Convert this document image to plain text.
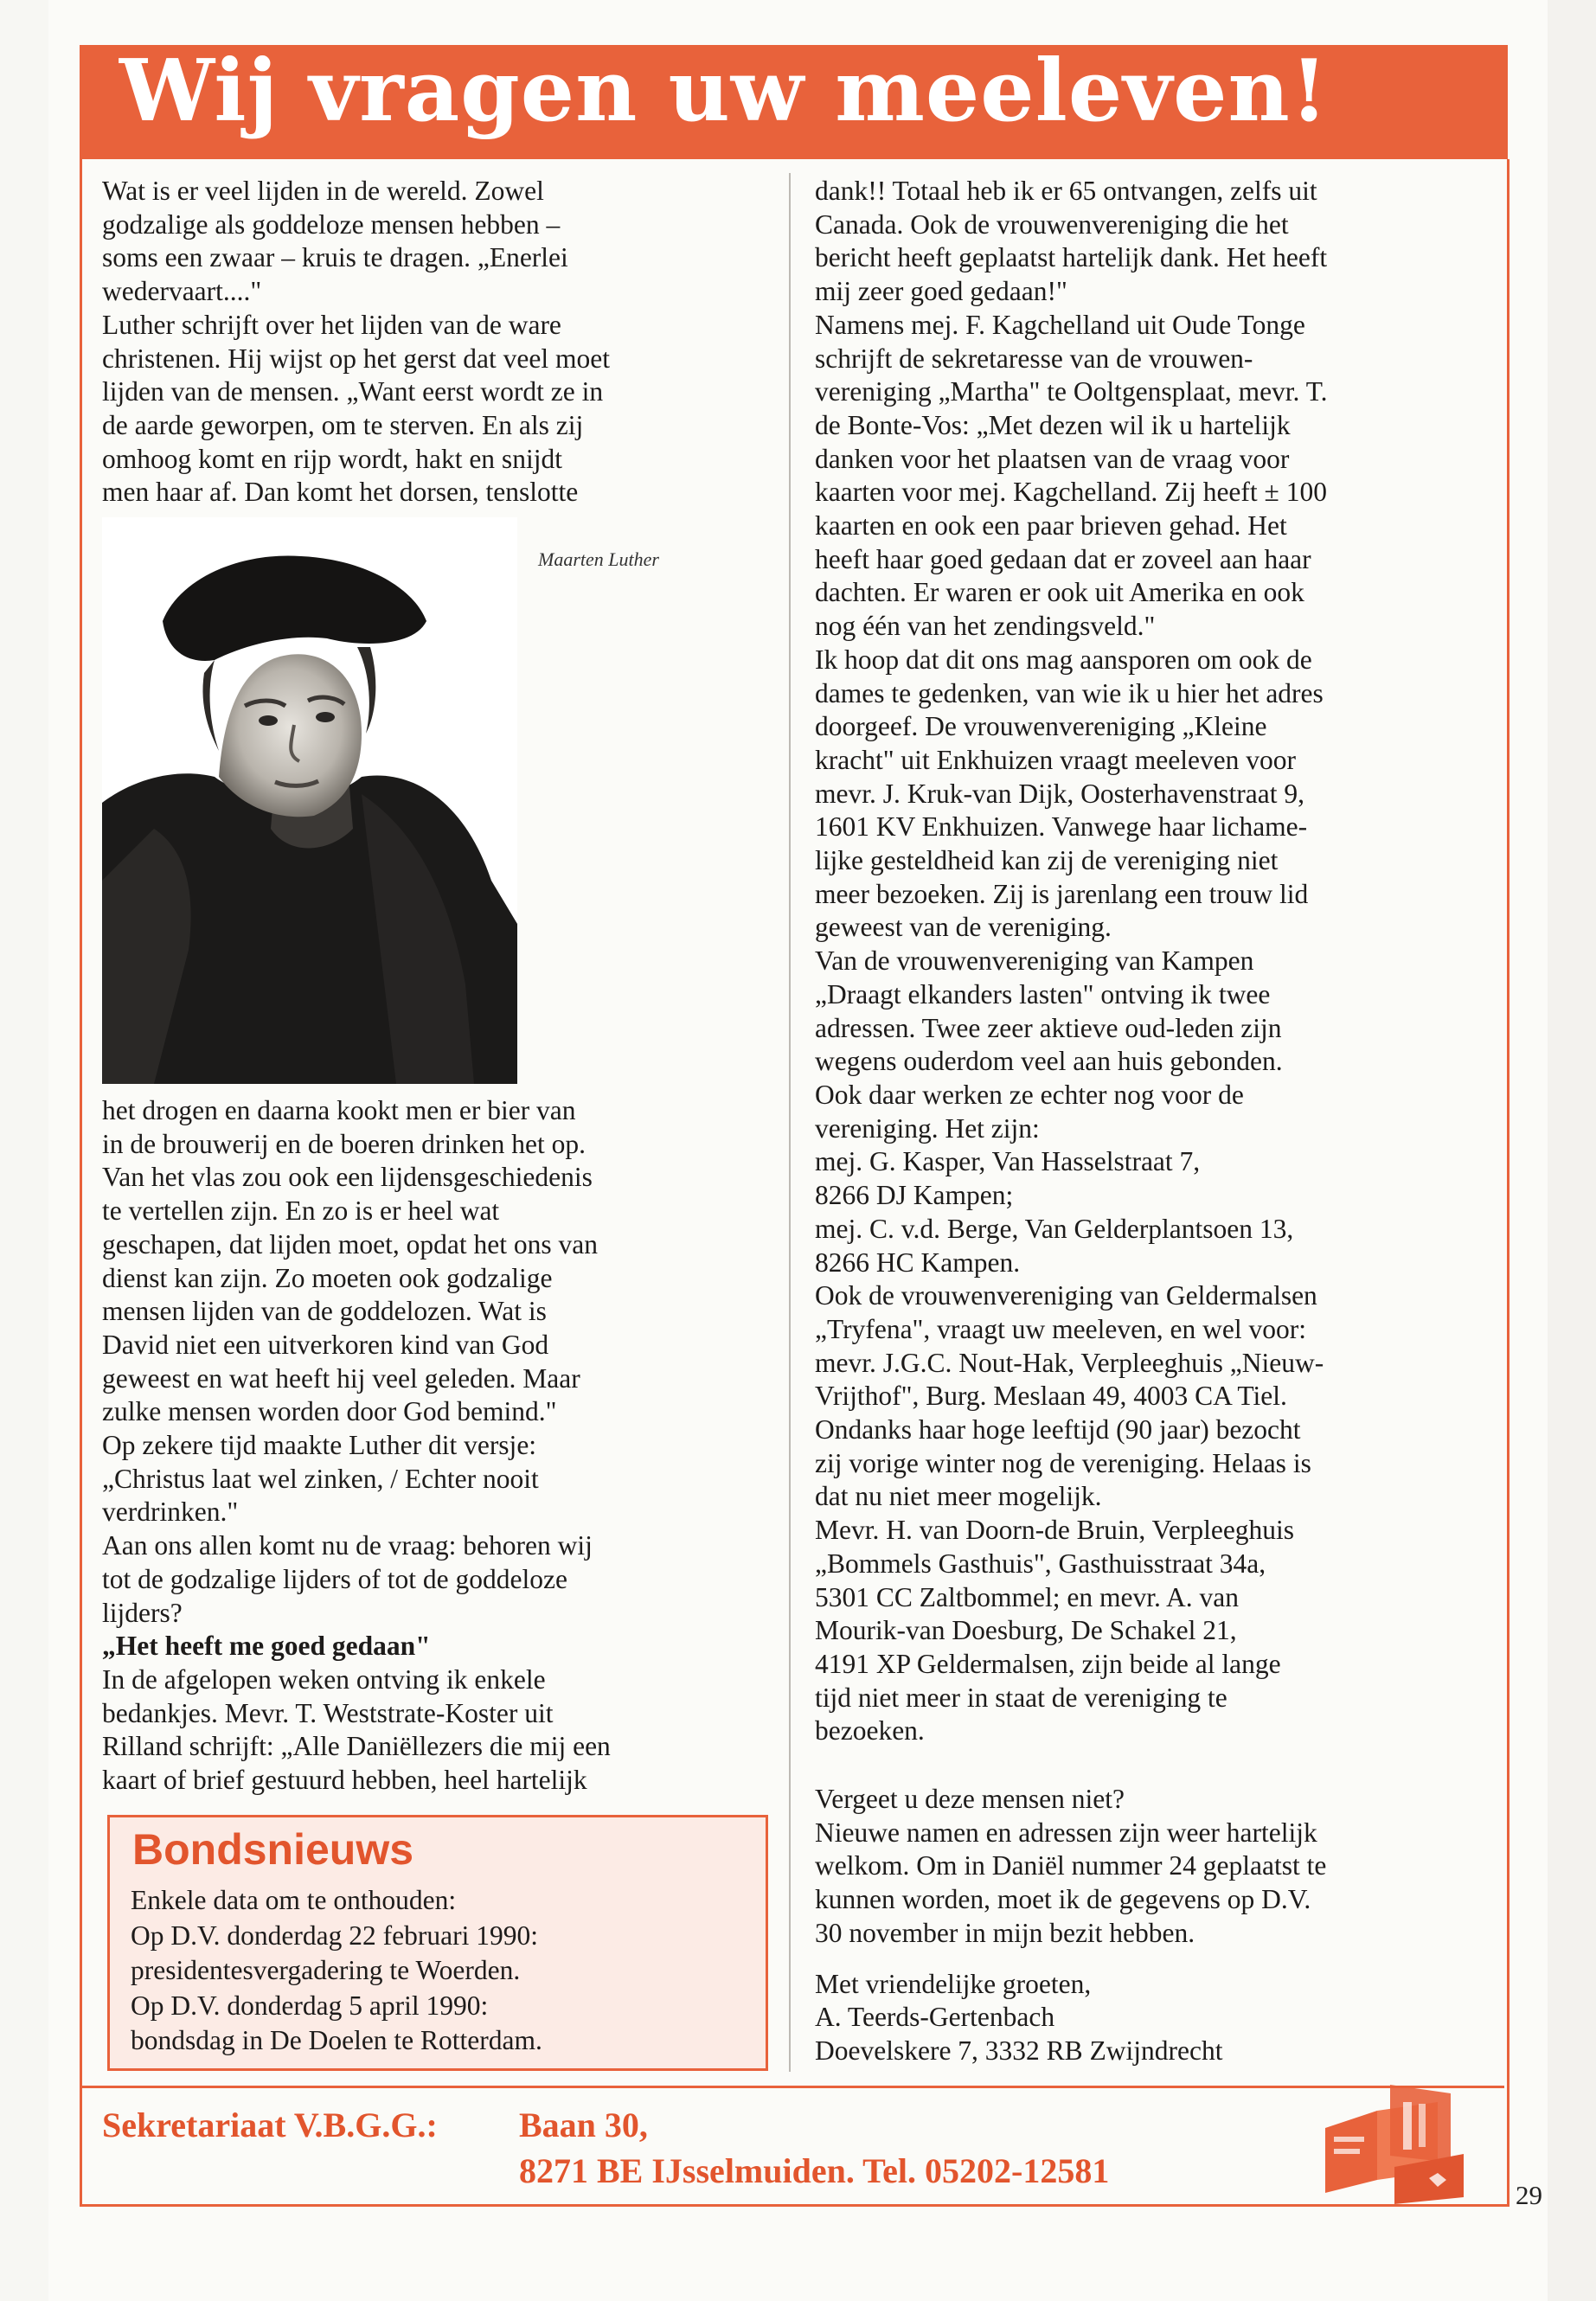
Wij vragen uw meeleven!

Wat is er veel lijden in de wereld. Zowel

godzalige als goddeloze mensen hebben –

soms een zwaar – kruis te dragen. „Enerlei

wedervaart...."

Luther schrijft over het lijden van de ware

christenen. Hij wijst op het gerst dat veel moet

lijden van de mensen. „Want eerst wordt ze in

de aarde geworpen, om te sterven. En als zij

omhoog komt en rijp wordt, hakt en snijdt

men haar af. Dan komt het dorsen, tenslotte

Maarten Luther

het drogen en daarna kookt men er bier van

in de brouwerij en de boeren drinken het op.

Van het vlas zou ook een lijdensgeschiedenis

te vertellen zijn. En zo is er heel wat

geschapen, dat lijden moet, opdat het ons van

dienst kan zijn. Zo moeten ook godzalige

mensen lijden van de goddelozen. Wat is

David niet een uitverkoren kind van God

geweest en wat heeft hij veel geleden. Maar

zulke mensen worden door God bemind."

Op zekere tijd maakte Luther dit versje:

„Christus laat wel zinken, / Echter nooit

verdrinken."

Aan ons allen komt nu de vraag: behoren wij

tot de godzalige lijders of tot de goddeloze

lijders?

„Het heeft me goed gedaan"

In de afgelopen weken ontving ik enkele

bedankjes. Mevr. T. Weststrate-Koster uit

Rilland schrijft: „Alle Daniëllezers die mij een

kaart of brief gestuurd hebben, heel hartelijk

Bondsnieuws

Enkele data om te onthouden:

Op D.V. donderdag 22 februari 1990:

presidentesvergadering te Woerden.

Op D.V. donderdag 5 april 1990:

bondsdag in De Doelen te Rotterdam.

dank!! Totaal heb ik er 65 ontvangen, zelfs uit

Canada. Ook de vrouwenvereniging die het

bericht heeft geplaatst hartelijk dank. Het heeft

mij zeer goed gedaan!"

Namens mej. F. Kagchelland uit Oude Tonge

schrijft de sekretaresse van de vrouwen-

vereniging „Martha" te Ooltgensplaat, mevr. T.

de Bonte-Vos: „Met dezen wil ik u hartelijk

danken voor het plaatsen van de vraag voor

kaarten voor mej. Kagchelland. Zij heeft ± 100

kaarten en ook een paar brieven gehad. Het

heeft haar goed gedaan dat er zoveel aan haar

dachten. Er waren er ook uit Amerika en ook

nog één van het zendingsveld."

Ik hoop dat dit ons mag aansporen om ook de

dames te gedenken, van wie ik u hier het adres

doorgeef. De vrouwenvereniging „Kleine

kracht" uit Enkhuizen vraagt meeleven voor

mevr. J. Kruk-van Dijk, Oosterhavenstraat 9,

1601 KV Enkhuizen. Vanwege haar lichame-

lijke gesteldheid kan zij de vereniging niet

meer bezoeken. Zij is jarenlang een trouw lid

geweest van de vereniging.

Van de vrouwenvereniging van Kampen

„Draagt elkanders lasten" ontving ik twee

adressen. Twee zeer aktieve oud-leden zijn

wegens ouderdom veel aan huis gebonden.

Ook daar werken ze echter nog voor de

vereniging. Het zijn:

mej. G. Kasper, Van Hasselstraat 7,

8266 DJ Kampen;

mej. C. v.d. Berge, Van Gelderplantsoen 13,

8266 HC Kampen.

Ook de vrouwenvereniging van Geldermalsen

„Tryfena", vraagt uw meeleven, en wel voor:

mevr. J.G.C. Nout-Hak, Verpleeghuis „Nieuw-

Vrijthof", Burg. Meslaan 49, 4003 CA Tiel.

Ondanks haar hoge leeftijd (90 jaar) bezocht

zij vorige winter nog de vereniging. Helaas is

dat nu niet meer mogelijk.

Mevr. H. van Doorn-de Bruin, Verpleeghuis

„Bommels Gasthuis", Gasthuisstraat 34a,

5301 CC Zaltbommel; en mevr. A. van

Mourik-van Doesburg, De Schakel 21,

4191 XP Geldermalsen, zijn beide al lange

tijd niet meer in staat de vereniging te

bezoeken.

Vergeet u deze mensen niet?

Nieuwe namen en adressen zijn weer hartelijk

welkom. Om in Daniël nummer 24 geplaatst te

kunnen worden, moet ik de gegevens op D.V.

30 november in mijn bezit hebben.

Met vriendelijke groeten,

A. Teerds-Gertenbach

Doevelskere 7, 3332 RB Zwijndrecht

Sekretariaat V.B.G.G.: Baan 30,
8271 BE IJsselmuiden. Tel. 05202-12581
29
